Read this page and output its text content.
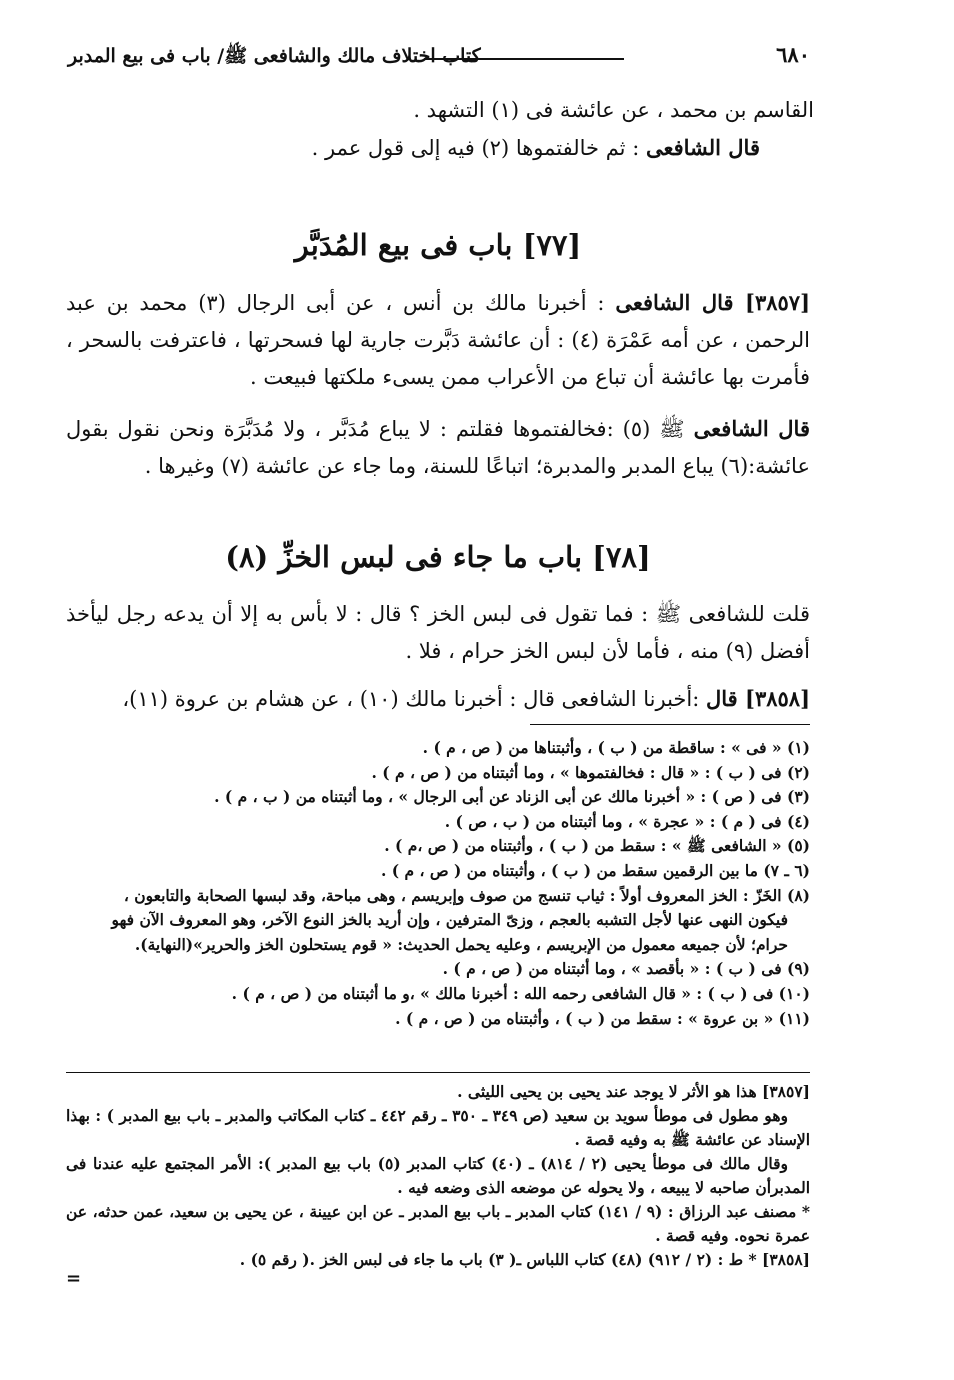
كتاب اختلاف مالك والشافعى ﷺ/ باب فى بيع المدبر	٦٨٠

القاسم بن محمد ، عن عائشة فى (١) التشهد .

قال الشافعى : ثم خالفتموها (٢) فيه إلى قول عمر .

[٧٧] باب فى بيع المُدَبَّر

[٣٨٥٧] قال الشافعى : أخبرنا مالك بن أنس ، عن أبى الرجال (٣) محمد بن عبد الرحمن ، عن أمه عَمْرَة (٤) : أن عائشة دَبَّرت جارية لها فسحرتها ، فاعترفت بالسحر ، فأمرت بها عائشة أن تباع من الأعراب ممن يسىء ملكتها فبيعت .

قال الشافعى ﷺ (٥) :فخالفتموها فقلتم : لا يباع مُدَبَّر ، ولا مُدَبَّرَة ونحن نقول بقول عائشة:(٦) يباع المدبر والمدبرة؛ اتباعًا للسنة، وما جاء عن عائشة (٧) وغيرها .

[٧٨] باب ما جاء فى لبس الخزِّ (٨)

قلت للشافعى ﷺ : فما تقول فى لبس الخز ؟ قال : لا بأس به إلا أن يدعه رجل ليأخذ أفضل (٩) منه ، فأما لأن لبس الخز حرام ، فلا .

[٣٨٥٨] قال :أخبرنا الشافعى قال : أخبرنا مالك (١٠) ، عن هشام بن عروة (١١)،

(١) « فى » : ساقطة من ( ب ) ، وأثبتناها من ( ص ، م ) .

(٢) فى ( ب ) : « قال : فخالفتموها » ، وما أثبتناه من ( ص ، م ) .

(٣) فى ( ص ) : « أخبرنا مالك عن أبى الزناد عن أبى الرجال » ، وما أثبتناه من ( ب ، م ) .

(٤) فى ( م ) : « عجرة » ، وما أثبتناه من ( ب ، ص ) .

(٥) « الشافعى ﷺ » : سقط من ( ب ) ، وأثبتناه من ( ص ،م ) .

(٦ ـ ٧) ما بين الرقمين سقط من ( ب ) ، وأثبتناه من ( ص ، م ) .

(٨) الخَزّ : الخز المعروف أولاً : ثياب تنسج من صوف وإبريسم ، وهى مباحة، وقد لبسها الصحابة والتابعون ،

فيكون النهى عنها لأجل التشبه بالعجم ، وزىّ المترفين ، وإن أريد بالخز النوع الآخر، وهو المعروف الآن فهو

حرام؛ لأن جميعه معمول من الإبريسم ، وعليه يحمل الحديث: « قوم يستحلون الخز والحرير»(النهاية).

(٩) فى ( ب ) : « بأقصد » ، وما أثبتناه من ( ص ، م ) .

(١٠) فى ( ب ) : « قال الشافعى رحمه الله : أخبرنا مالك » ،و ما أثبتناه من ( ص ، م ) .

(١١) « بن عروة » : سقط من ( ب ) ، وأثبتناه من ( ص ، م ) .

[٣٨٥٧] هذا هو الأثر لا يوجد عند يحيى بن يحيى الليثى .

وهو مطول فى موطأ سويد بن سعيد (ص ٣٤٩ ـ ٣٥٠ ـ رقم ٤٤٢ ـ كتاب المكاتب والمدبر ـ باب بيع المدبر ) : بهذا الإسناد عن عائشة ﷺ به وفيه قصة .

وقال مالك فى موطأ يحيى (٢ / ٨١٤) ـ (٤٠) كتاب المدبر (٥) باب بيع المدبر ): الأمر المجتمع عليه عندنا فى المدبرأن صاحبه لا يبيعه ، ولا يحوله عن موضعه الذى وضعه فيه .

* مصنف عبد الرزاق : (٩ / ١٤١) كتاب المدبر ـ باب بيع المدبر ـ عن ابن عيينة ، عن يحيى بن سعيد، عمن حدثه، عن عمرة نحوه. وفيه قصة .

[٣٨٥٨] * ط : (٢ / ٩١٢) (٤٨) كتاب اللباس ـ( ٣) باب ما جاء فى لبس الخز .( رقم ٥) .

=
